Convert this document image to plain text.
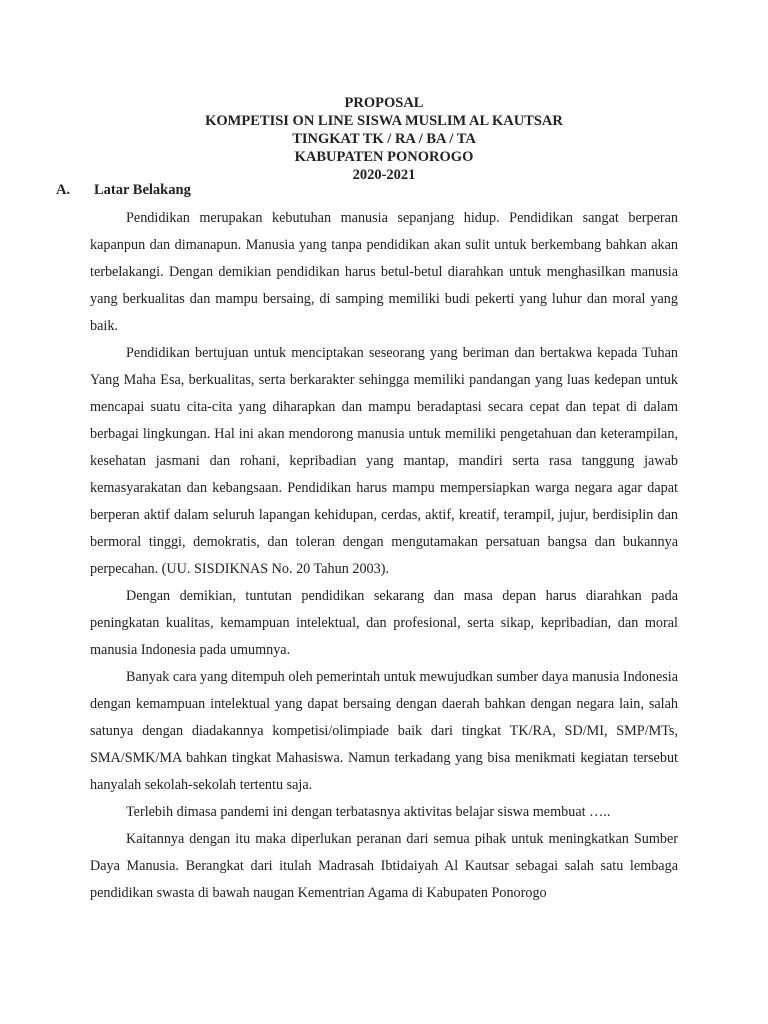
PROPOSAL
KOMPETISI ON LINE SISWA MUSLIM AL KAUTSAR
TINGKAT TK / RA / BA / TA
KABUPATEN PONOROGO
2020-2021
A. Latar Belakang

Pendidikan merupakan kebutuhan manusia sepanjang hidup. Pendidikan sangat berperan kapanpun dan dimanapun. Manusia yang tanpa pendidikan akan sulit untuk berkembang bahkan akan terbelakangi. Dengan demikian pendidikan harus betul-betul diarahkan untuk menghasilkan manusia yang berkualitas dan mampu bersaing, di samping memiliki budi pekerti yang luhur dan moral yang baik.

Pendidikan bertujuan untuk menciptakan seseorang yang beriman dan bertakwa kepada Tuhan Yang Maha Esa, berkualitas, serta berkarakter sehingga memiliki pandangan yang luas kedepan untuk mencapai suatu cita-cita yang diharapkan dan mampu beradaptasi secara cepat dan tepat di dalam berbagai lingkungan. Hal ini akan mendorong manusia untuk memiliki pengetahuan dan keterampilan, kesehatan jasmani dan rohani, kepribadian yang mantap, mandiri serta rasa tanggung jawab kemasyarakatan dan kebangsaan. Pendidikan harus mampu mempersiapkan warga negara agar dapat berperan aktif dalam seluruh lapangan kehidupan, cerdas, aktif, kreatif, terampil, jujur, berdisiplin dan bermoral tinggi, demokratis, dan toleran dengan mengutamakan persatuan bangsa dan bukannya perpecahan. (UU. SISDIKNAS No. 20 Tahun 2003).

Dengan demikian, tuntutan pendidikan sekarang dan masa depan harus diarahkan pada peningkatan kualitas, kemampuan intelektual, dan profesional, serta sikap, kepribadian, dan moral manusia Indonesia pada umumnya.

Banyak cara yang ditempuh oleh pemerintah untuk mewujudkan sumber daya manusia Indonesia dengan kemampuan intelektual yang dapat bersaing dengan daerah bahkan dengan negara lain, salah satunya dengan diadakannya kompetisi/olimpiade baik dari tingkat TK/RA, SD/MI, SMP/MTs, SMA/SMK/MA bahkan tingkat Mahasiswa. Namun terkadang yang bisa menikmati kegiatan tersebut hanyalah sekolah-sekolah tertentu saja.

Terlebih dimasa pandemi ini dengan terbatasnya aktivitas belajar siswa membuat …..

Kaitannya dengan itu maka diperlukan peranan dari semua pihak untuk meningkatkan Sumber Daya Manusia. Berangkat dari itulah Madrasah Ibtidaiyah Al Kautsar sebagai salah satu lembaga pendidikan swasta di bawah naugan Kementrian Agama di Kabupaten Ponorogo
